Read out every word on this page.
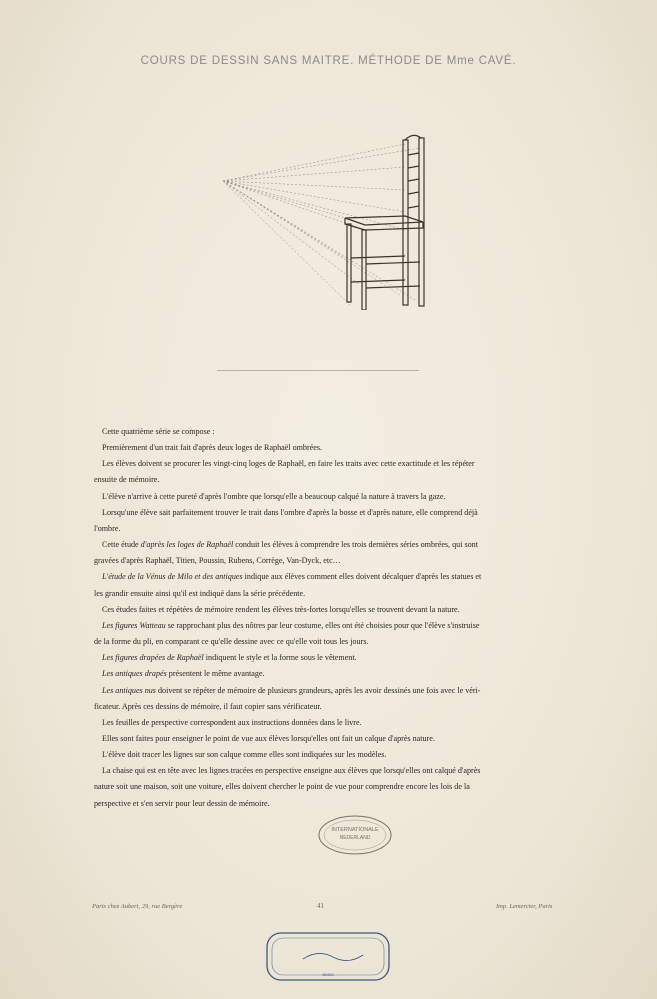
COURS DE DESSIN SANS MAITRE. MÉTHODE DE Mme CAVÉ.

Cette quatrième série se compose :

Premièrement d'un trait fait d'après deux loges de Raphaël ombrées.

Les élèves doivent se procurer les vingt-cinq loges de Raphaël, en faire les traits avec cette exactitude et les répéter

ensuite de mémoire.

L'élève n'arrive à cette pureté d'après l'ombre que lorsqu'elle a beaucoup calqué la nature à travers la gaze.

Lorsqu'une élève sait parfaitement trouver le trait dans l'ombre d'après la bosse et d'après nature, elle comprend déjà

l'ombre.

Cette étude d'après les loges de Raphaël conduit les élèves à comprendre les trois dernières séries ombrées, qui sont

gravées d'après Raphaël, Titien, Poussin, Rubens, Corrège, Van-Dyck, etc…

L'étude de la Vénus de Milo et des antiques indique aux élèves comment elles doivent décalquer d'après les statues et

les grandir ensuite ainsi qu'il est indiqué dans la série précédente.

Ces études faites et répétées de mémoire rendent les élèves très-fortes lorsqu'elles se trouvent devant la nature.

Les figures Watteau se rapprochant plus des nôtres par leur costume, elles ont été choisies pour que l'élève s'instruise

de la forme du pli, en comparant ce qu'elle dessine avec ce qu'elle voit tous les jours.

Les figures drapées de Raphaël indiquent le style et la forme sous le vêtement.

Les antiques drapés présentent le même avantage.

Les antiques nus doivent se répéter de mémoire de plusieurs grandeurs, après les avoir dessinés une fois avec le véri-

ficateur. Après ces dessins de mémoire, il faut copier sans vérificateur.

Les feuilles de perspective correspondent aux instructions données dans le livre.

Elles sont faites pour enseigner le point de vue aux élèves lorsqu'elles ont fait un calque d'après nature.

L'élève doit tracer les lignes sur son calque comme elles sont indiquées sur les modèles.

La chaise qui est en tête avec les lignes tracées en perspective enseigne aux élèves que lorsqu'elles ont calqué d'après

nature soit une maison, soit une voiture, elles doivent chercher le point de vue pour comprendre encore les lois de la

perspective et s'en servir pour leur dessin de mémoire.

INTERNATIONALE
NEDERLAND
Paris chez Aubert, 29, rue Bergère	41	Imp. Lemercier, Paris
50400
